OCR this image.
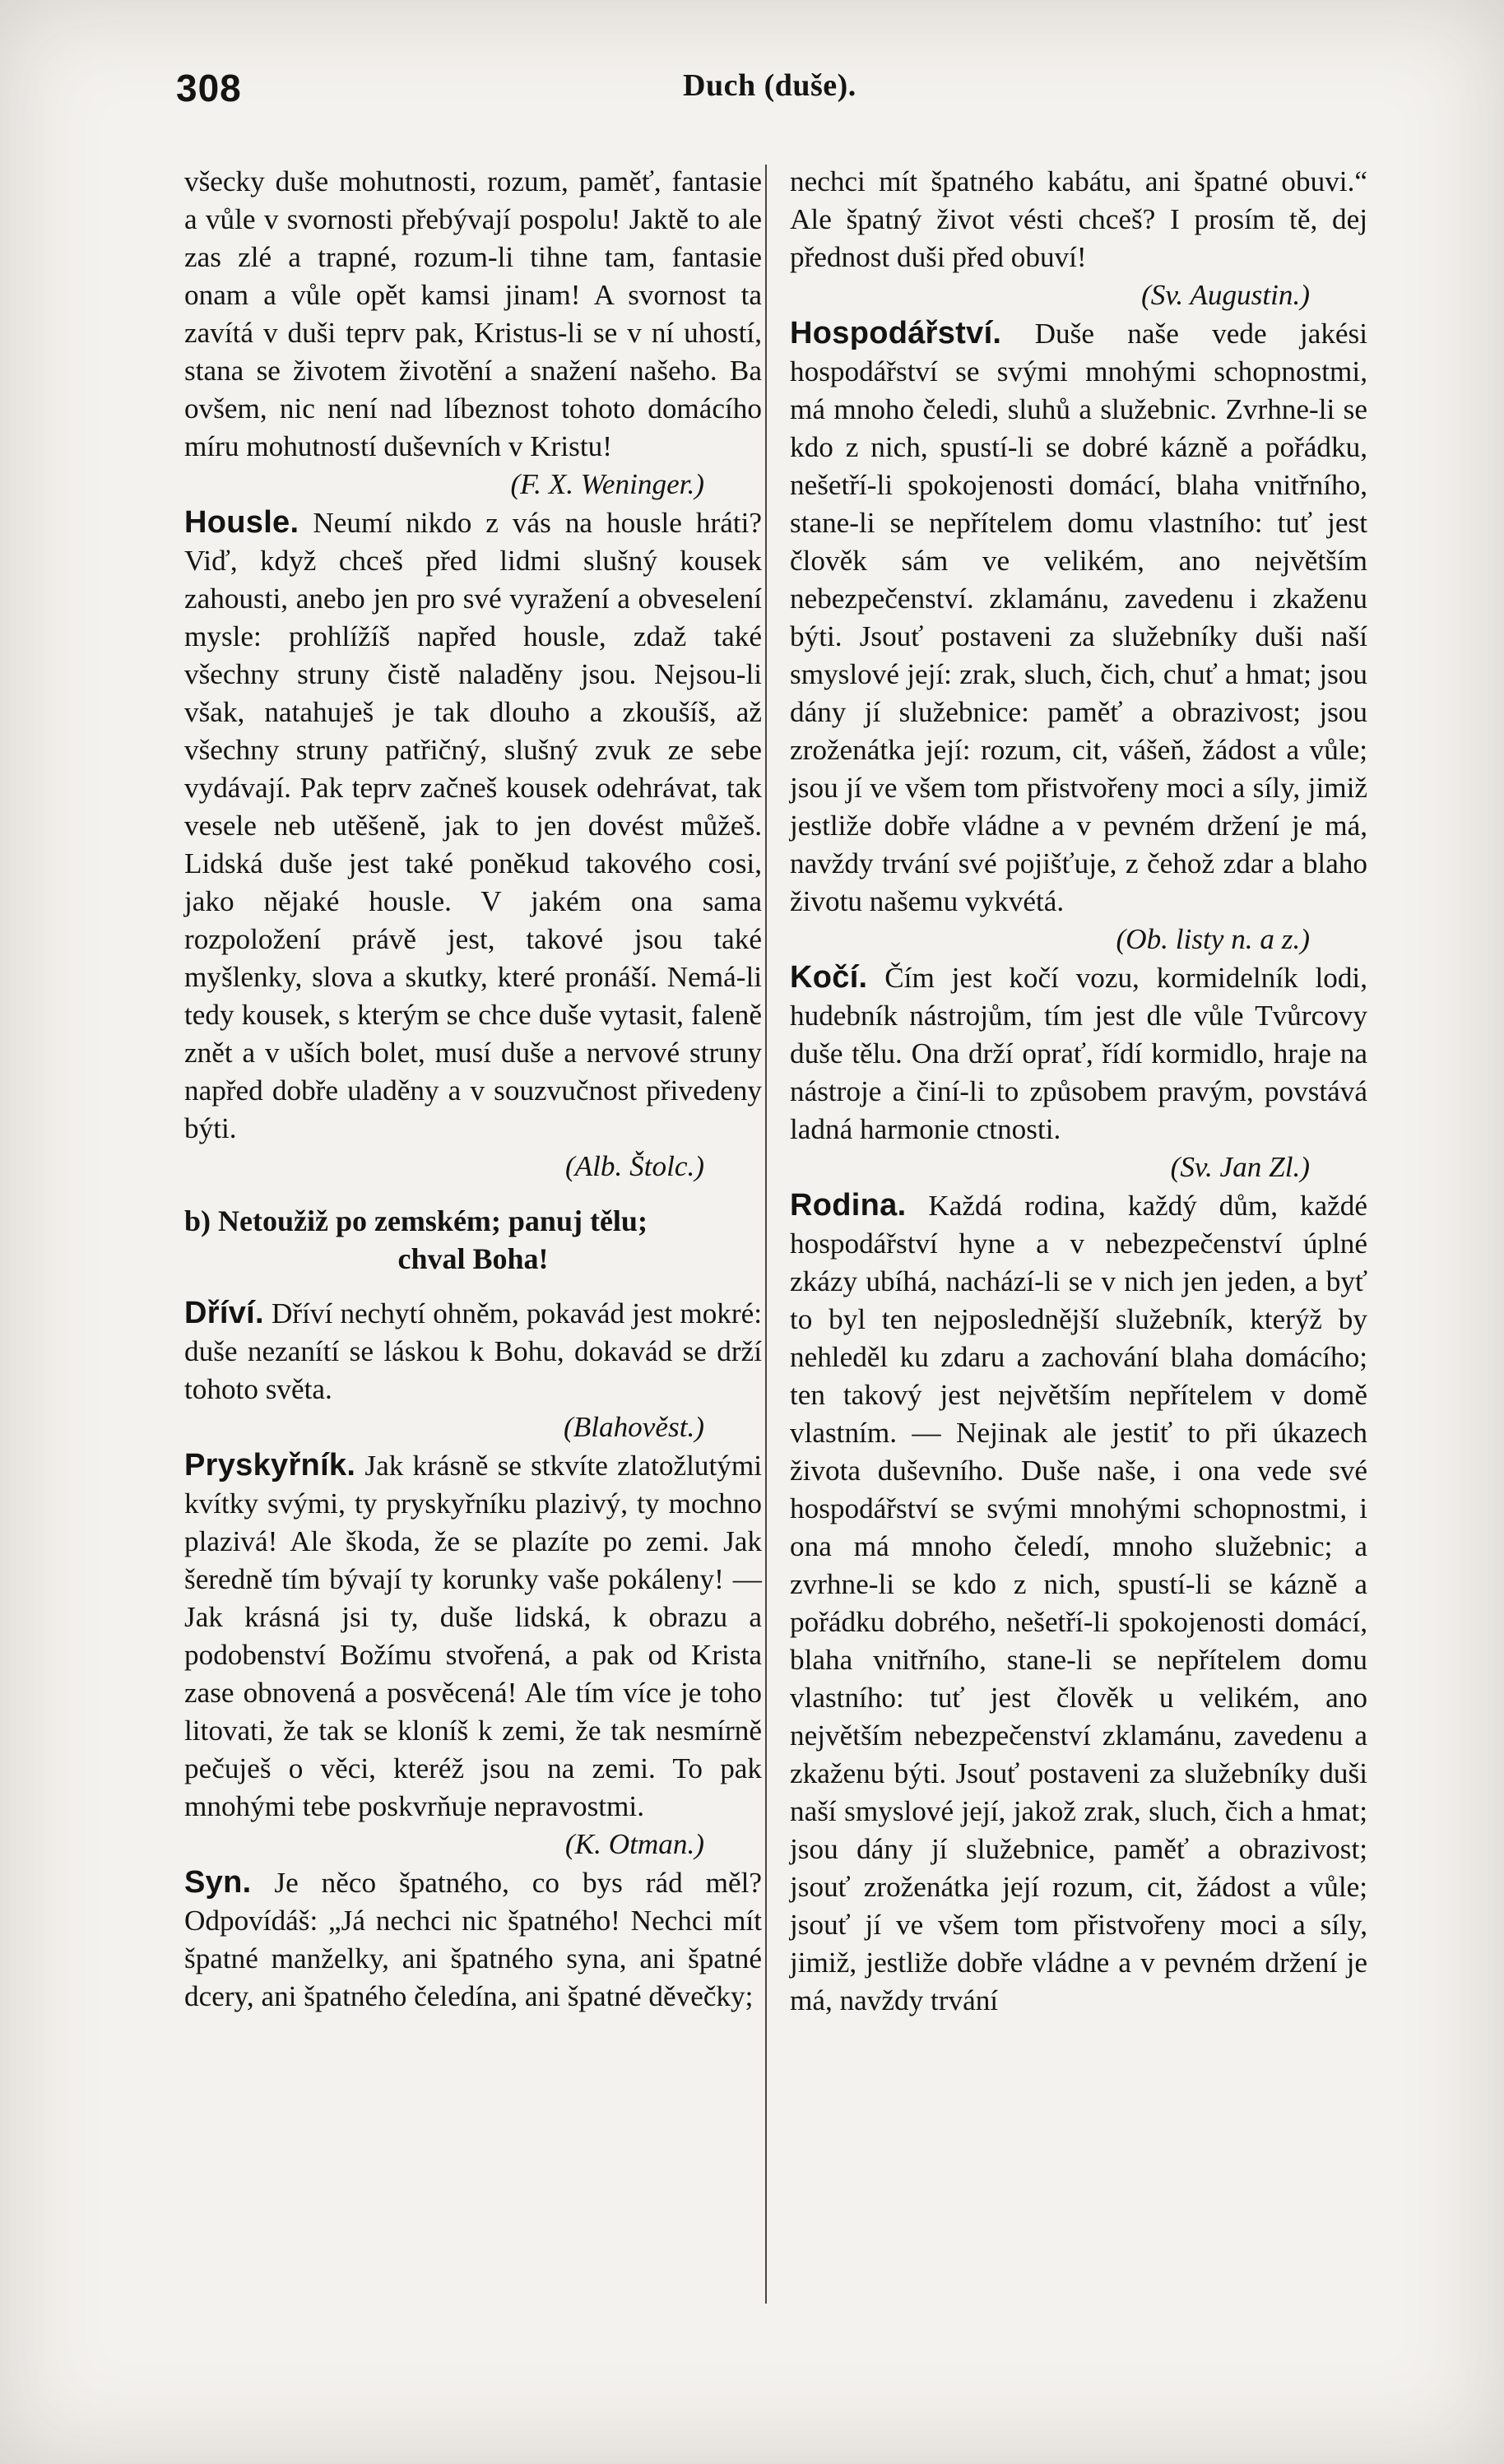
308	Duch (duše).

všecky duše mohutnosti, rozum, paměť, fantasie a vůle v svornosti přebývají pospolu! Jaktě to ale zas zlé a trapné, rozum-li tihne tam, fantasie onam a vůle opět kamsi jinam! A svornost ta zavítá v duši teprv pak, Kristus-li se v ní uhostí, stana se životem životění a snažení našeho. Ba ovšem, nic není nad líbeznost tohoto domácího míru mohutností duševních v Kristu!
(F. X. Weninger.)

Housle. Neumí nikdo z vás na housle hráti? Viď, když chceš před lidmi slušný kousek zahousti, anebo jen pro své vyražení a obveselení mysle: prohlížíš napřed housle, zdaž také všechny struny čistě naladěny jsou. Nejsou-li však, natahuješ je tak dlouho a zkoušíš, až všechny struny patřičný, slušný zvuk ze sebe vydávají. Pak teprv začneš kousek odehrávat, tak vesele neb utěšeně, jak to jen dovést můžeš. Lidská duše jest také poněkud takového cosi, jako nějaké housle. V jakém ona sama rozpoložení právě jest, takové jsou také myšlenky, slova a skutky, které pronáší. Nemá-li tedy kousek, s kterým se chce duše vytasit, faleně znět a v uších bolet, musí duše a nervové struny napřed dobře uladěny a v souzvučnost přivedeny býti.
(Alb. Štolc.)

b) Netoužiž po zemském; panuj tělu;
chval Boha!

Dříví. Dříví nechytí ohněm, pokavád jest mokré: duše nezanítí se láskou k Bohu, dokavád se drží tohoto světa.
(Blahověst.)

Pryskyřník. Jak krásně se stkvíte zlatožlutými kvítky svými, ty pryskyřníku plazivý, ty mochno plazivá! Ale škoda, že se plazíte po zemi. Jak šeredně tím bývají ty korunky vaše pokáleny! — Jak krásná jsi ty, duše lidská, k obrazu a podobenství Božímu stvořená, a pak od Krista zase obnovená a posvěcená! Ale tím více je toho litovati, že tak se kloníš k zemi, že tak nesmírně pečuješ o věci, kteréž jsou na zemi. To pak mnohými tebe poskvrňuje nepravostmi.
(K. Otman.)

Syn. Je něco špatného, co bys rád měl? Odpovídáš: „Já nechci nic špatného! Nechci mít špatné manželky, ani špatného syna, ani špatné dcery, ani špatného čeledína, ani špatné děvečky;

nechci mít špatného kabátu, ani špatné obuvi.“ Ale špatný život vésti chceš? I prosím tě, dej přednost duši před obuví!
(Sv. Augustin.)

Hospodářství. Duše naše vede jakési hospodářství se svými mnohými schopnostmi, má mnoho čeledi, sluhů a služebnic. Zvrhne-li se kdo z nich, spustí-li se dobré kázně a pořádku, nešetří-li spokojenosti domácí, blaha vnitřního, stane-li se nepřítelem domu vlastního: tuť jest člověk sám ve velikém, ano největším nebezpečenství. zklamánu, zavedenu i zkaženu býti. Jsouť postaveni za služebníky duši naší smyslové její: zrak, sluch, čich, chuť a hmat; jsou dány jí služebnice: paměť a obrazivost; jsou zroženátka její: rozum, cit, vášeň, žádost a vůle; jsou jí ve všem tom přistvořeny moci a síly, jimiž jestliže dobře vládne a v pevném držení je má, navždy trvání své pojišťuje, z čehož zdar a blaho životu našemu vykvétá.
(Ob. listy n. a z.)

Kočí. Čím jest kočí vozu, kormidelník lodi, hudebník nástrojům, tím jest dle vůle Tvůrcovy duše tělu. Ona drží oprať, řídí kormidlo, hraje na nástroje a činí-li to způsobem pravým, povstává ladná harmonie ctnosti.
(Sv. Jan Zl.)

Rodina. Každá rodina, každý dům, každé hospodářství hyne a v nebezpečenství úplné zkázy ubíhá, nachází-li se v nich jen jeden, a byť to byl ten nejposlednější služebník, kterýž by nehleděl ku zdaru a zachování blaha domácího; ten takový jest největším nepřítelem v domě vlastním. — Nejinak ale jestiť to při úkazech života duševního. Duše naše, i ona vede své hospodářství se svými mnohými schopnostmi, i ona má mnoho čeledí, mnoho služebnic; a zvrhne-li se kdo z nich, spustí-li se kázně a pořádku dobrého, nešetří-li spokojenosti domácí, blaha vnitřního, stane-li se nepřítelem domu vlastního: tuť jest člověk u velikém, ano největším nebezpečenství zklamánu, zavedenu a zkaženu býti. Jsouť postaveni za služebníky duši naší smyslové její, jakož zrak, sluch, čich a hmat; jsou dány jí služebnice, paměť a obrazivost; jsouť zroženátka její rozum, cit, žádost a vůle; jsouť jí ve všem tom přistvořeny moci a síly, jimiž, jestliže dobře vládne a v pevném držení je má, navždy trvání
